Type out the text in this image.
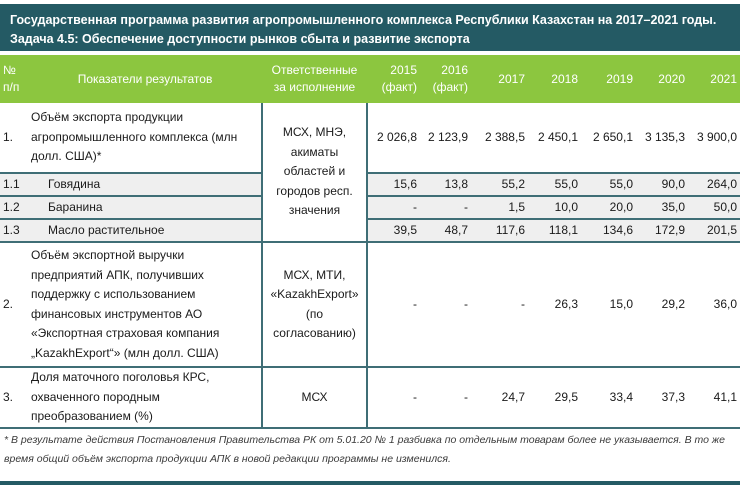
Государственная программа развития агропромышленного комплекса Республики Казахстан на 2017–2021 годы.
Задача 4.5: Обеспечение доступности рынков сбыта и развитие экспорта
№ п/п	Показатели результатов	Ответственные за исполнение	2015 (факт)	2016 (факт)	2017	2018	2019	2020	2021
1.	Объём экспорта продукции агропромышленного комплекса (млн долл. США)*	МСХ, МНЭ, акиматы областей и городов респ. значения	2 026,8	2 123,9	2 388,5	2 450,1	2 650,1	3 135,3	3 900,0
1.1	Говядина		15,6	13,8	55,2	55,0	55,0	90,0	264,0
1.2	Баранина		-	-	1,5	10,0	20,0	35,0	50,0
1.3	Масло растительное		39,5	48,7	117,6	118,1	134,6	172,9	201,5
2.	Объём экспортной выручки предприятий АПК, получивших поддержку с использованием финансовых инструментов АО «Экспортная страховая компания „KazakhExport“» (млн долл. США)	МСХ, МТИ, «KazakhExport» (по согласованию)	-	-	-	26,3	15,0	29,2	36,0
3.	Доля маточного поголовья КРС, охваченного породным преобразованием (%)	МСХ	-	-	24,7	29,5	33,4	37,3	41,1
* В результате действия Постановления Правительства РК от 5.01.20 № 1 разбивка по отдельным товарам более не указывается. В то же время общий объём экспорта продукции АПК в новой редакции программы не изменился.
